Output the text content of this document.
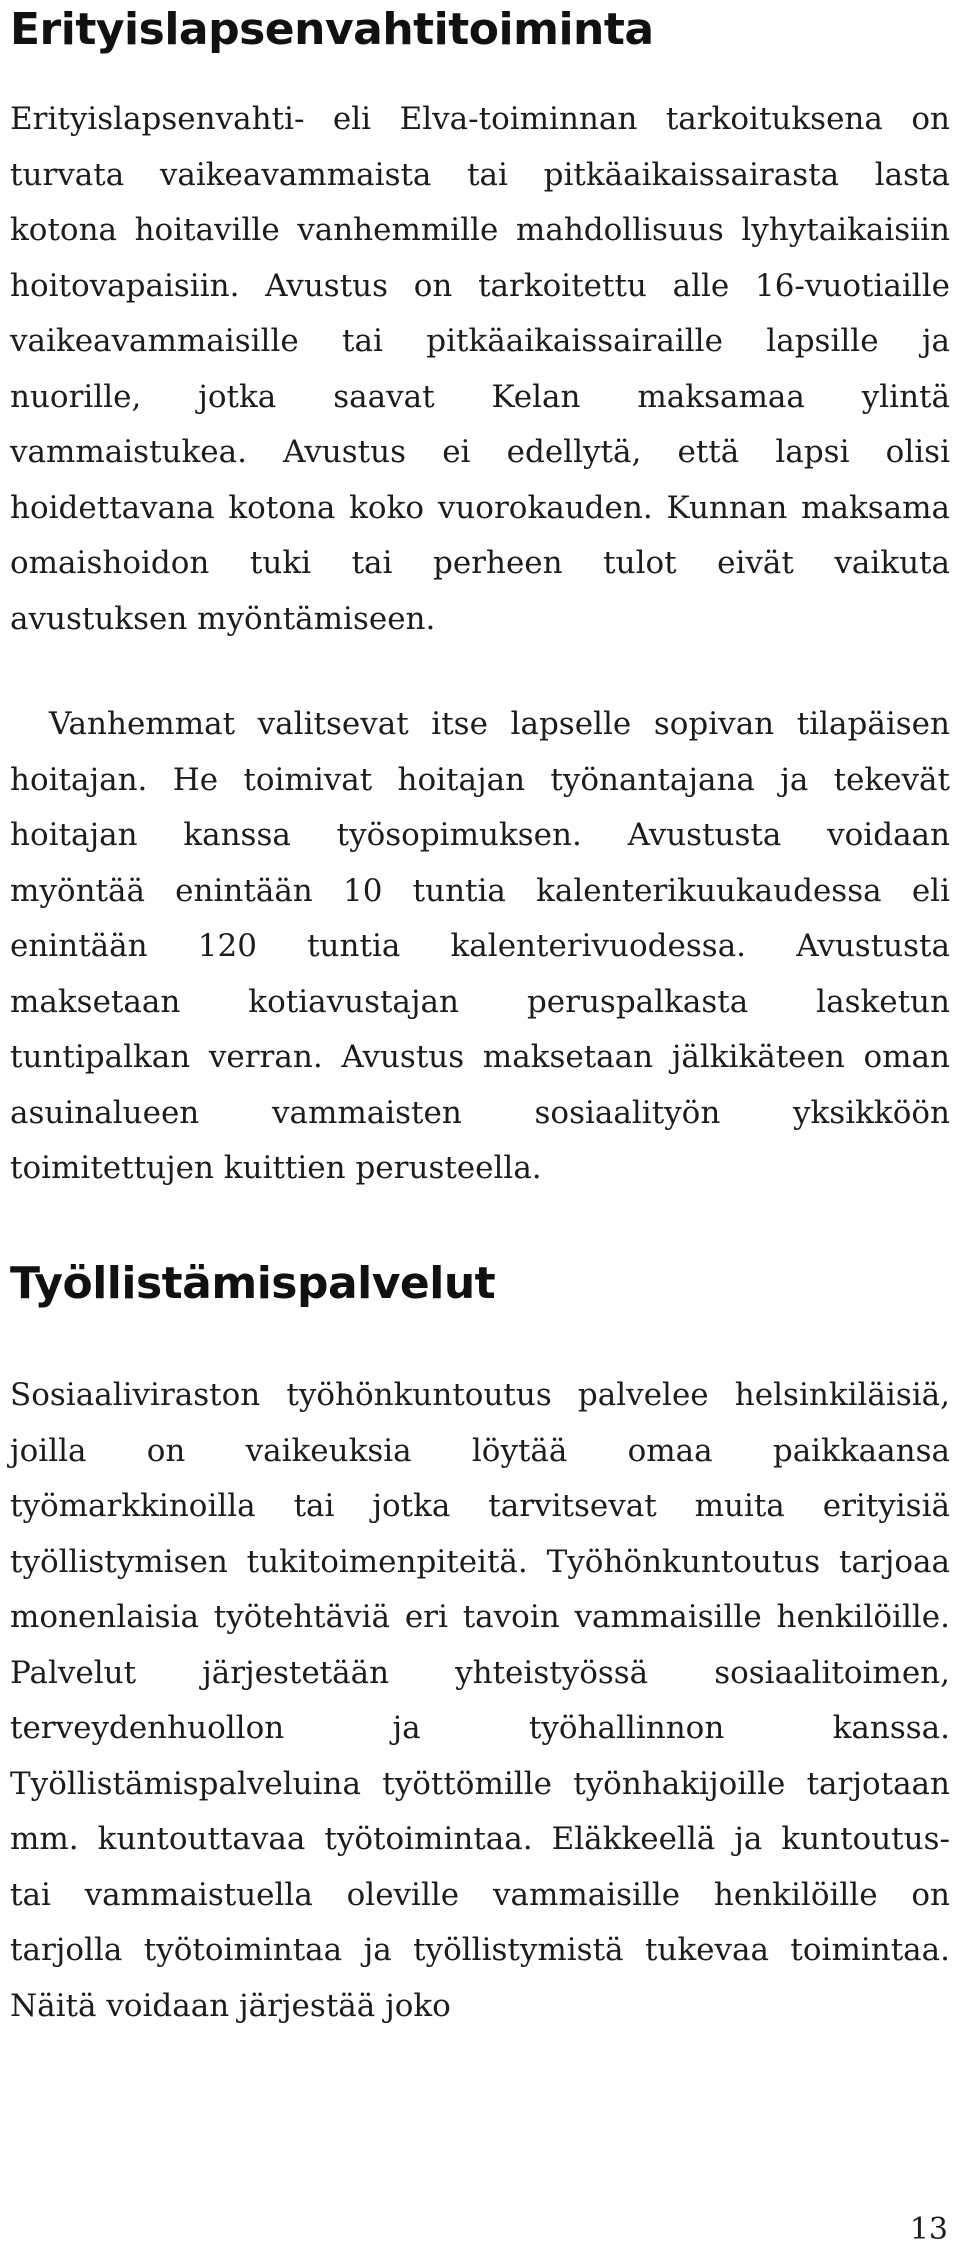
Erityislapsenvahtitoiminta

Erityislapsenvahti- eli Elva-toiminnan tarkoituksena on turvata vaikeavammaista tai pitkäaikaissairasta lasta kotona hoitaville vanhemmille mahdollisuus lyhytaikaisiin hoitovapaisiin. Avustus on tarkoitettu alle 16-vuotiaille vaikeavammaisille tai pitkäaikaissairaille lapsille ja nuorille, jotka saavat Kelan maksamaa ylintä vammaistukea. Avustus ei edellytä, että lapsi olisi hoidettavana kotona koko vuorokauden. Kunnan maksama omaishoidon tuki tai perheen tulot eivät vaikuta avustuksen myöntämiseen.

Vanhemmat valitsevat itse lapselle sopivan tilapäisen hoitajan. He toimivat hoitajan työnantajana ja tekevät hoitajan kanssa työsopimuksen. Avustusta voidaan myöntää enintään 10 tuntia kalenterikuukaudessa eli enintään 120 tuntia kalenterivuodessa. Avustusta maksetaan kotiavustajan peruspalkasta lasketun tuntipalkan verran. Avustus maksetaan jälkikäteen oman asuinalueen vammaisten sosiaalityön yksikköön toimitettujen kuittien perusteella.

Työllistämispalvelut

Sosiaaliviraston työhönkuntoutus palvelee helsinkiläisiä, joilla on vaikeuksia löytää omaa paikkaansa työmarkkinoilla tai jotka tarvitsevat muita erityisiä työllistymisen tukitoimenpiteitä. Työhönkuntoutus tarjoaa monenlaisia työtehtäviä eri tavoin vammaisille henkilöille. Palvelut järjestetään yhteistyössä sosiaalitoimen, terveydenhuollon ja työhallinnon kanssa. Työllistämispalveluina työttömille työnhakijoille tarjotaan mm. kuntouttavaa työtoimintaa. Eläkkeellä ja kuntoutus- tai vammaistuella oleville vammaisille henkilöille on tarjolla työtoimintaa ja työllistymistä tukevaa toimintaa. Näitä voidaan järjestää joko

13
